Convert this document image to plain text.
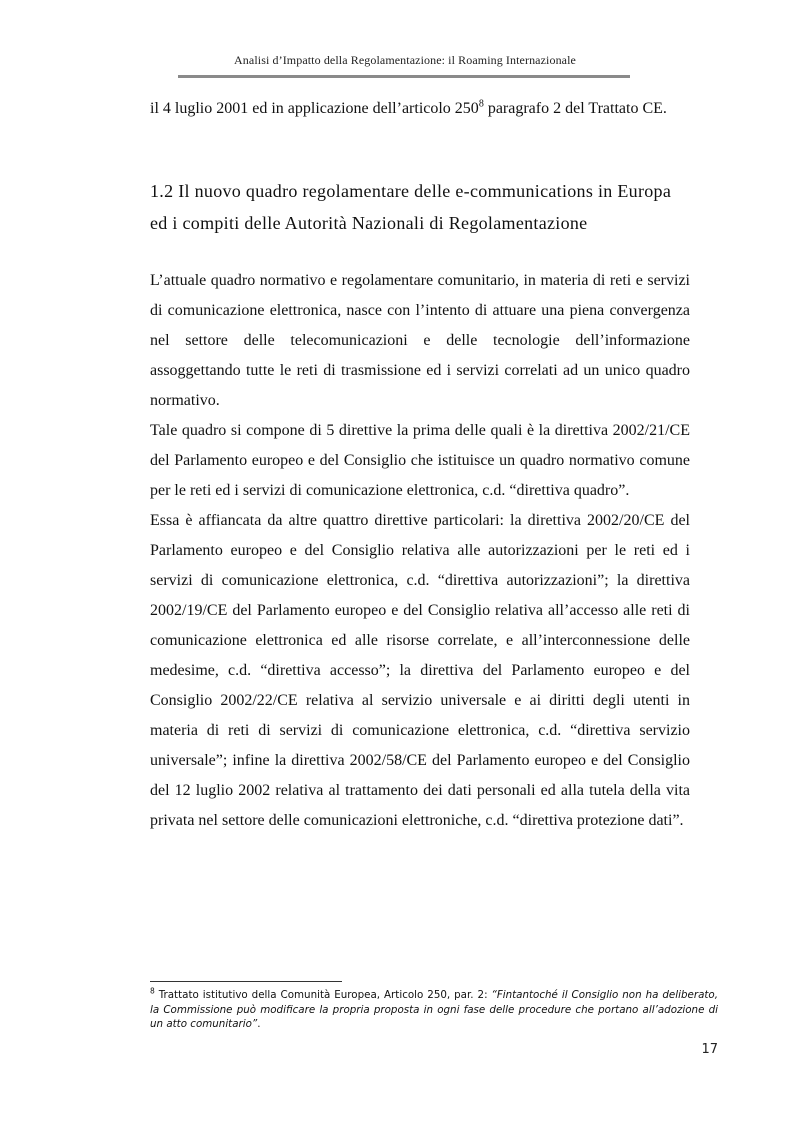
Analisi d’Impatto della Regolamentazione: il Roaming Internazionale

il 4 luglio 2001 ed in applicazione dell’articolo $250^8$ paragrafo 2 del Trattato CE.

1.2 Il nuovo quadro regolamentare delle e-communications in Europa
ed i compiti delle Autorità Nazionali di Regolamentazione

L’attuale quadro normativo e regolamentare comunitario, in materia di reti e servizi di comunicazione elettronica, nasce con l’intento di attuare una piena convergenza nel settore delle telecomunicazioni e delle tecnologie dell’informazione assoggettando tutte le reti di trasmissione ed i servizi correlati ad un unico quadro normativo.

Tale quadro si compone di 5 direttive la prima delle quali è la direttiva 2002/21/CE del Parlamento europeo e del Consiglio che istituisce un quadro normativo comune per le reti ed i servizi di comunicazione elettronica, c.d. “direttiva quadro”.

Essa è affiancata da altre quattro direttive particolari: la direttiva 2002/20/CE del Parlamento europeo e del Consiglio relativa alle autorizzazioni per le reti ed i servizi di comunicazione elettronica, c.d. “direttiva autorizzazioni”; la direttiva 2002/19/CE del Parlamento europeo e del Consiglio relativa all’accesso alle reti di comunicazione elettronica ed alle risorse correlate, e all’interconnessione delle medesime, c.d. “direttiva accesso”; la direttiva del Parlamento europeo e del Consiglio 2002/22/CE relativa al servizio universale e ai diritti degli utenti in materia di reti di servizi di comunicazione elettronica, c.d. “direttiva servizio universale”; infine la direttiva 2002/58/CE del Parlamento europeo e del Consiglio del 12 luglio 2002 relativa al trattamento dei dati personali ed alla tutela della vita privata nel settore delle comunicazioni elettroniche, c.d. “direttiva protezione dati”.

$^8$ Trattato istitutivo della Comunità Europea, Articolo 250, par. 2: “Fintantoché il Consiglio non ha deliberato, la Commissione può modificare la propria proposta in ogni fase delle procedure che portano all’adozione di un atto comunitario”.

17
